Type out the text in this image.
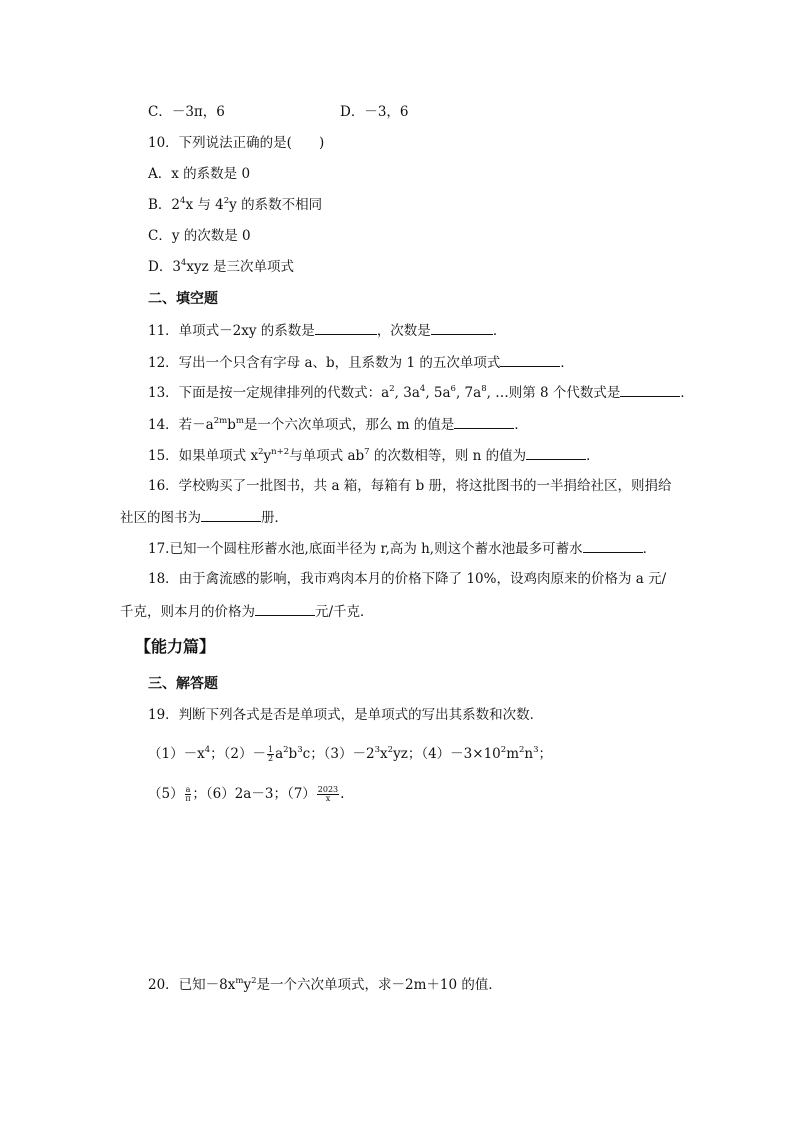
C．－3π，6	D．－3，6
10．下列说法正确的是(　　)
A．x 的系数是 0
B．$2^4x$ 与 $4^2y$ 的系数不相同
C．y 的次数是 0
D．$3^4xyz$ 是三次单项式
二、填空题
11．单项式－2xy 的系数是	，次数是	．
12．写出一个只含有字母 a、b，且系数为 1 的五次单项式	．
13．下面是按一定规律排列的代数式：$a^2$, $3a^4$, $5a^6$, $7a^8$, …则第 8 个代数式是	．
14．若$-a^{2m}b^m$是一个六次单项式，那么 m 的值是	．
15．如果单项式 $x^2y^{n+2}$与单项式 $ab^7$ 的次数相等，则 n 的值为	．
16．学校购买了一批图书，共 a 箱，每箱有 b 册，将这批图书的一半捐给社区，则捐给
社区的图书为	册．
17.已知一个圆柱形蓄水池,底面半径为 r,高为 h,则这个蓄水池最多可蓄水	．
18．由于禽流感的影响，我市鸡肉本月的价格下降了 10%，设鸡肉原来的价格为 a 元/
千克，则本月的价格为	元/千克．
【能力篇】
三、解答题
19．判断下列各式是否是单项式，是单项式的写出其系数和次数．
$(1)-x^4$；$(2)- \frac{1}{2} a^2b^3c$；$(3)-2^3x^2yz$；$(4)-3\times 10^2m^2n^3$；
$(5) \frac{a}{\pi}$ ；（6）2a－3；$(7) \frac{2023}{x}$ .
20．已知$-8x^my^2$是一个六次单项式，求－2m＋10 的值．
